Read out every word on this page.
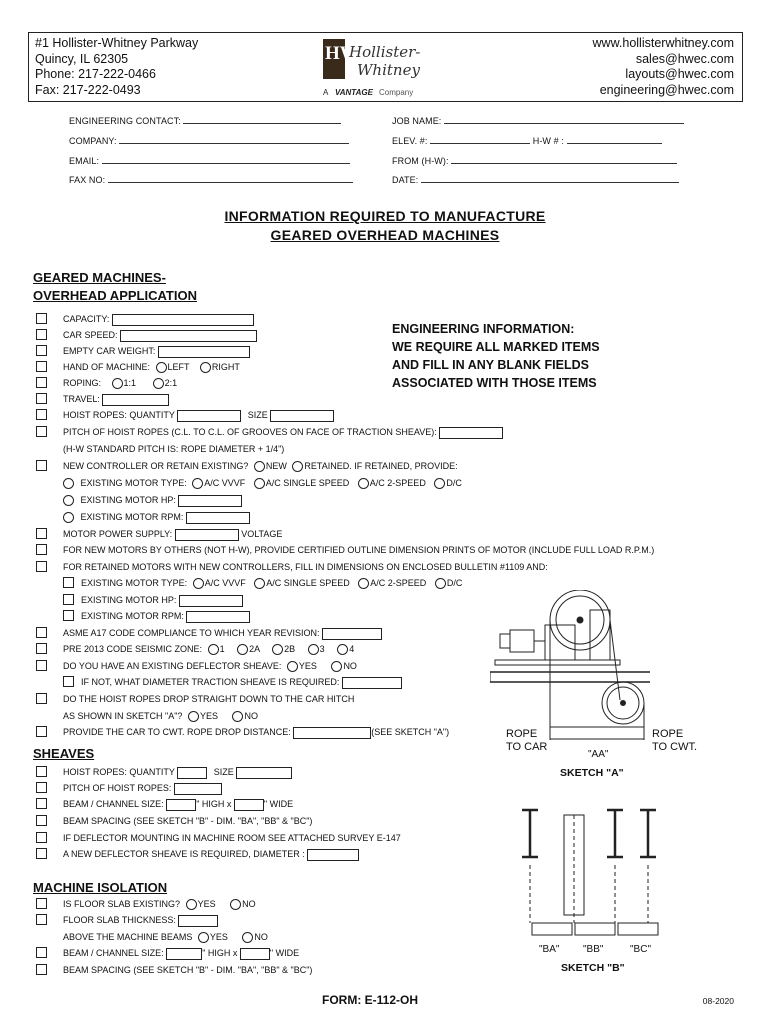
#1 Hollister-Whitney Parkway
Quincy, IL 62305
Phone: 217-222-0466
Fax: 217-222-0493
HW
Hollister-
Whitney
A VANTAGE Company
www.hollisterwhitney.com
sales@hwec.com
layouts@hwec.com
engineering@hwec.com
ENGINEERING CONTACT:
COMPANY:
EMAIL:
FAX NO:
JOB NAME:
ELEV. #:	H-W # :
FROM (H-W):
DATE:
INFORMATION REQUIRED TO MANUFACTURE
GEARED OVERHEAD MACHINES
GEARED MACHINES-
OVERHEAD APPLICATION
CAPACITY:
CAR SPEED:
EMPTY CAR WEIGHT:
HAND OF MACHINE: LEFT	RIGHT
ROPING:	1:1	2:1
TRAVEL:
HOIST ROPES: QUANTITY	SIZE
PITCH OF HOIST ROPES (C.L. TO C.L. OF GROOVES ON FACE OF TRACTION SHEAVE):
(H-W STANDARD PITCH IS: ROPE DIAMETER + 1/4")
NEW CONTROLLER OR RETAIN EXISTING? NEW RETAINED. IF RETAINED, PROVIDE:
EXISTING MOTOR TYPE: A/C VVVF A/C SINGLE SPEED A/C 2-SPEED D/C
EXISTING MOTOR HP:
EXISTING MOTOR RPM:
MOTOR POWER SUPPLY:	VOLTAGE
FOR NEW MOTORS BY OTHERS (NOT H-W), PROVIDE CERTIFIED OUTLINE DIMENSION PRINTS OF MOTOR (INCLUDE FULL LOAD R.P.M.)
FOR RETAINED MOTORS WITH NEW CONTROLLERS, FILL IN DIMENSIONS ON ENCLOSED BULLETIN #1109 AND:
EXISTING MOTOR TYPE: A/C VVVF A/C SINGLE SPEED A/C 2-SPEED D/C
EXISTING MOTOR HP:
EXISTING MOTOR RPM:
ASME A17 CODE COMPLIANCE TO WHICH YEAR REVISION:
PRE 2013 CODE SEISMIC ZONE: 1	2A	2B	3	4
DO YOU HAVE AN EXISTING DEFLECTOR SHEAVE: YES	NO
IF NOT, WHAT DIAMETER TRACTION SHEAVE IS REQUIRED:
DO THE HOIST ROPES DROP STRAIGHT DOWN TO THE CAR HITCH
AS SHOWN IN SKETCH "A"? YES	NO
PROVIDE THE CAR TO CWT. ROPE DROP DISTANCE:	(SEE SKETCH "A")
ENGINEERING INFORMATION:
WE REQUIRE ALL MARKED ITEMS
AND FILL IN ANY BLANK FIELDS
ASSOCIATED WITH THOSE ITEMS
ROPE
TO CAR
ROPE
TO CWT.
"AA"
SKETCH "A"
SHEAVES
HOIST ROPES: QUANTITY	SIZE
PITCH OF HOIST ROPES:
BEAM / CHANNEL SIZE:	" HIGH x	" WIDE
BEAM SPACING (SEE SKETCH "B" - DIM. "BA", "BB" & "BC")
IF DEFLECTOR MOUNTING IN MACHINE ROOM SEE ATTACHED SURVEY E-147
A NEW DEFLECTOR SHEAVE IS REQUIRED, DIAMETER :
MACHINE ISOLATION
IS FLOOR SLAB EXISTING? YES	NO
FLOOR SLAB THICKNESS:
ABOVE THE MACHINE BEAMS YES	NO
BEAM / CHANNEL SIZE:	" HIGH x	" WIDE
BEAM SPACING (SEE SKETCH "B" - DIM. "BA", "BB" & "BC")
"BA" "BB"	"BC"
SKETCH "B"
FORM: E-112-OH	08-2020
